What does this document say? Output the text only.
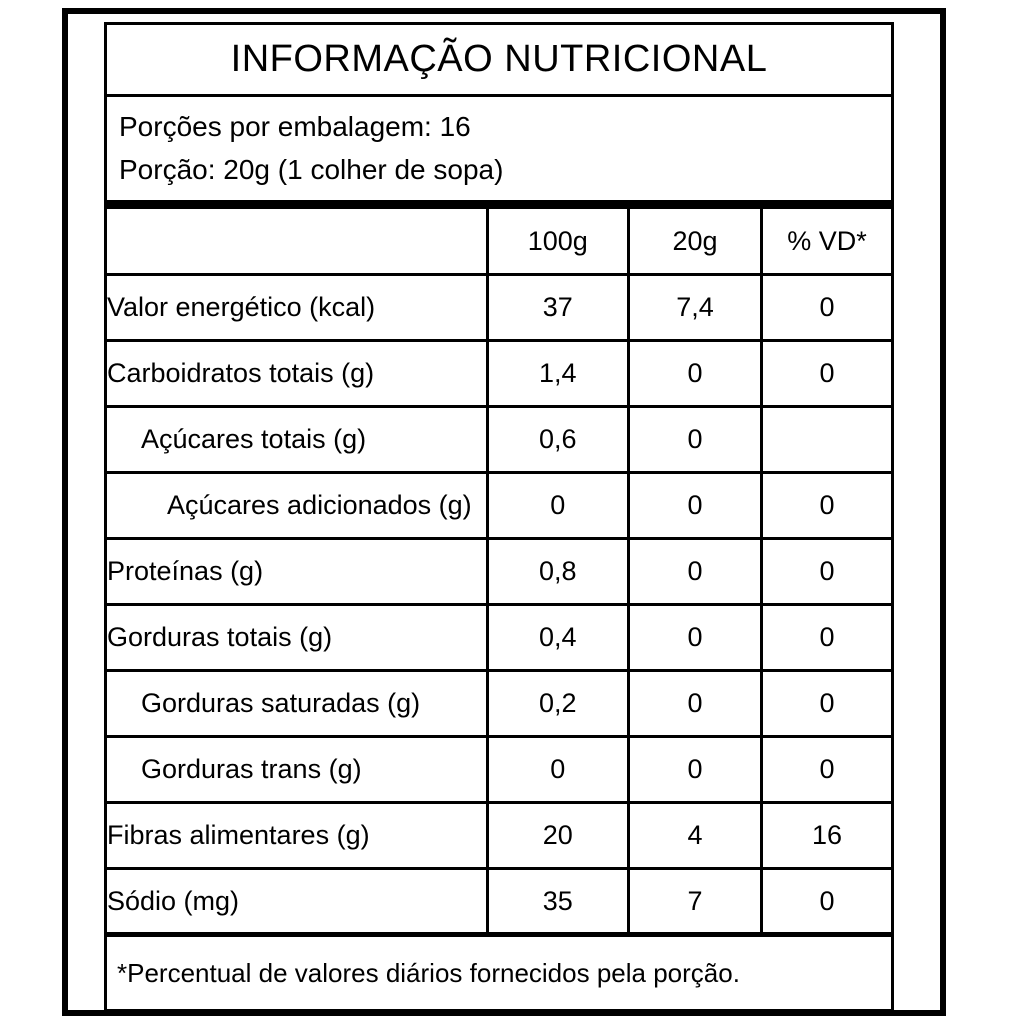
INFORMAÇÃO NUTRICIONAL
Porções por embalagem: 16
Porção: 20g (1 colher de sopa)
	100g	20g	% VD*
Valor energético (kcal)	37	7,4	0
Carboidratos totais (g)	1,4	0	0
Açúcares totais (g)	0,6	0	
Açúcares adicionados (g)	0	0	0
Proteínas (g)	0,8	0	0
Gorduras totais (g)	0,4	0	0
Gorduras saturadas (g)	0,2	0	0
Gorduras trans (g)	0	0	0
Fibras alimentares (g)	20	4	16
Sódio (mg)	35	7	0
*Percentual de valores diários fornecidos pela porção.
